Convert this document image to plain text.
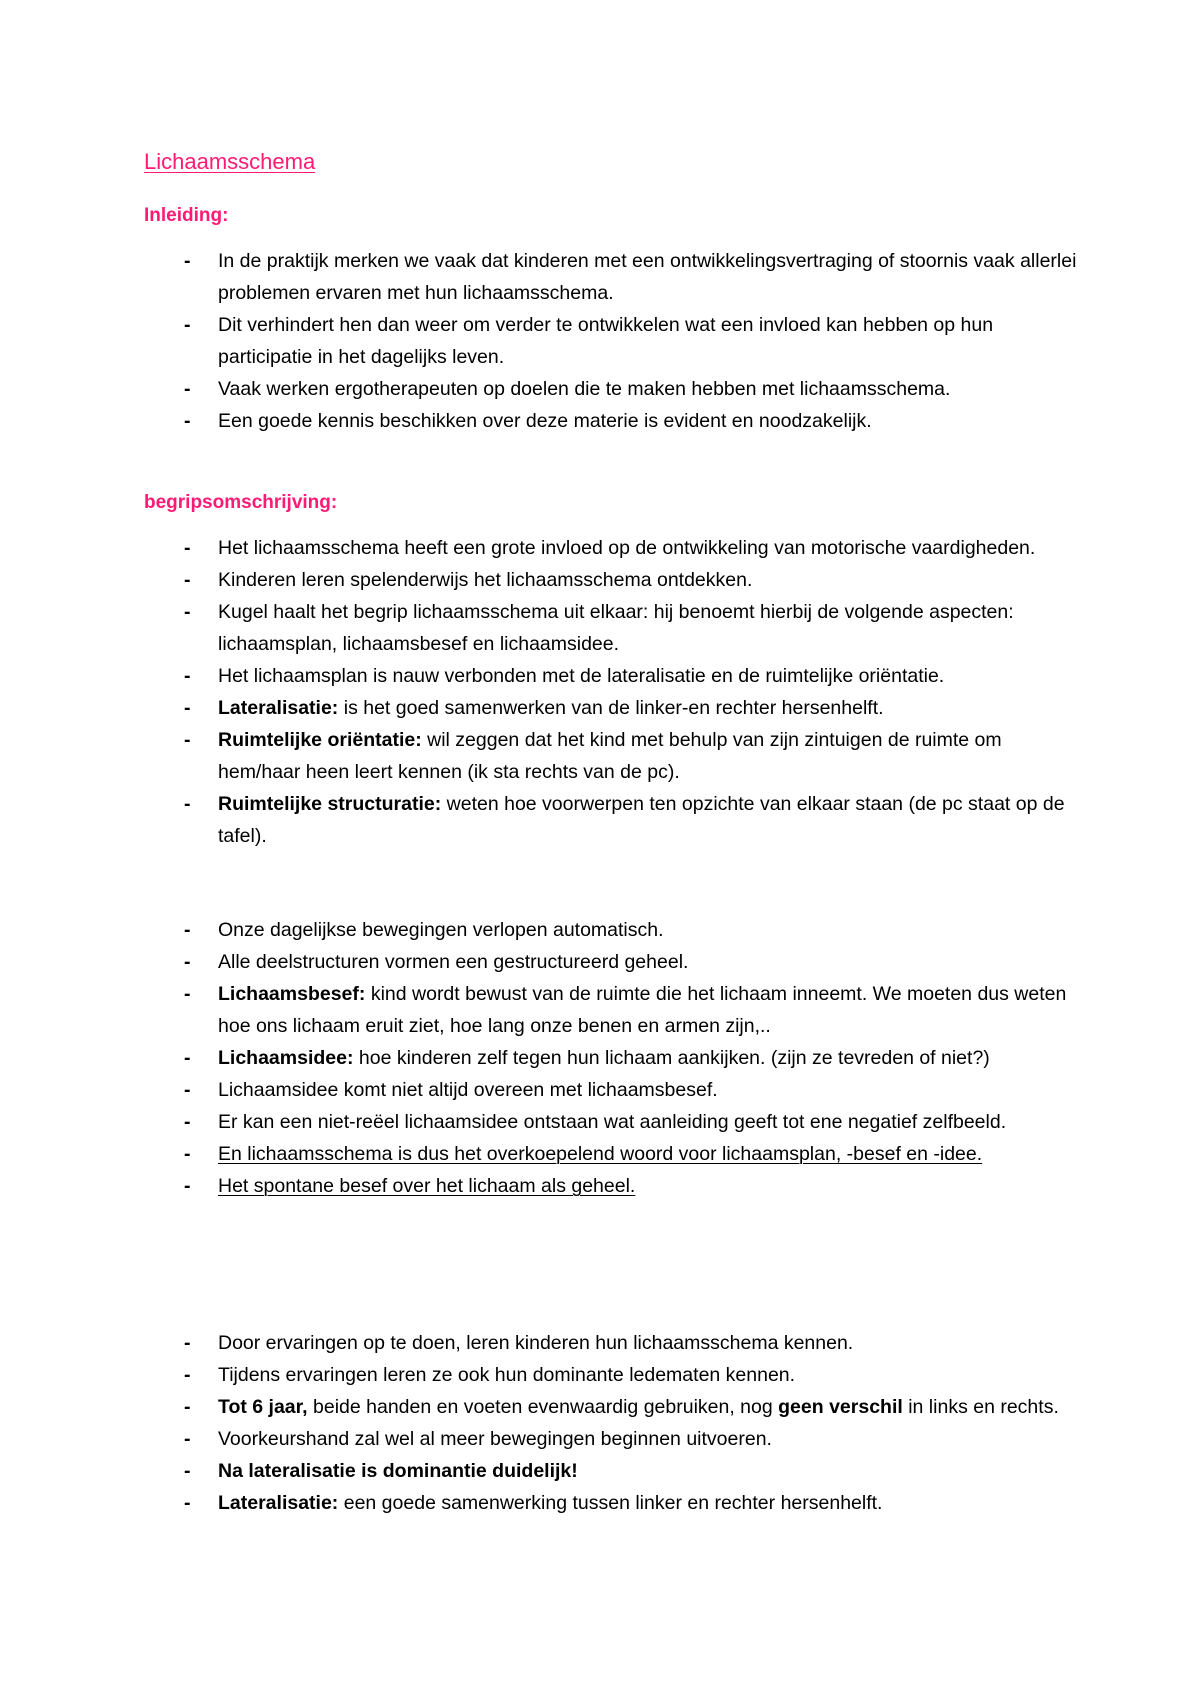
Lichaamsschema
Inleiding:
- In de praktijk merken we vaak dat kinderen met een ontwikkelingsvertraging of stoornis vaak allerlei problemen ervaren met hun lichaamsschema.
- Dit verhindert hen dan weer om verder te ontwikkelen wat een invloed kan hebben op hun participatie in het dagelijks leven.
- Vaak werken ergotherapeuten op doelen die te maken hebben met lichaamsschema.
- Een goede kennis beschikken over deze materie is evident en noodzakelijk.
begripsomschrijving:
- Het lichaamsschema heeft een grote invloed op de ontwikkeling van motorische vaardigheden.
- Kinderen leren spelenderwijs het lichaamsschema ontdekken.
- Kugel haalt het begrip lichaamsschema uit elkaar: hij benoemt hierbij de volgende aspecten: lichaamsplan, lichaamsbesef en lichaamsidee.
- Het lichaamsplan is nauw verbonden met de lateralisatie en de ruimtelijke oriëntatie.
- Lateralisatie: is het goed samenwerken van de linker-en rechter hersenhelft.
- Ruimtelijke oriëntatie: wil zeggen dat het kind met behulp van zijn zintuigen de ruimte om hem/haar heen leert kennen (ik sta rechts van de pc).
- Ruimtelijke structuratie: weten hoe voorwerpen ten opzichte van elkaar staan (de pc staat op de tafel).
- Onze dagelijkse bewegingen verlopen automatisch.
- Alle deelstructuren vormen een gestructureerd geheel.
- Lichaamsbesef: kind wordt bewust van de ruimte die het lichaam inneemt. We moeten dus weten hoe ons lichaam eruit ziet, hoe lang onze benen en armen zijn,..
- Lichaamsidee: hoe kinderen zelf tegen hun lichaam aankijken. (zijn ze tevreden of niet?)
- Lichaamsidee komt niet altijd overeen met lichaamsbesef.
- Er kan een niet-reëel lichaamsidee ontstaan wat aanleiding geeft tot ene negatief zelfbeeld.
- En lichaamsschema is dus het overkoepelend woord voor lichaamsplan, -besef en -idee.
- Het spontane besef over het lichaam als geheel.
- Door ervaringen op te doen, leren kinderen hun lichaamsschema kennen.
- Tijdens ervaringen leren ze ook hun dominante ledematen kennen.
- Tot 6 jaar, beide handen en voeten evenwaardig gebruiken, nog geen verschil in links en rechts.
- Voorkeurshand zal wel al meer bewegingen beginnen uitvoeren.
- Na lateralisatie is dominantie duidelijk!
- Lateralisatie: een goede samenwerking tussen linker en rechter hersenhelft.
